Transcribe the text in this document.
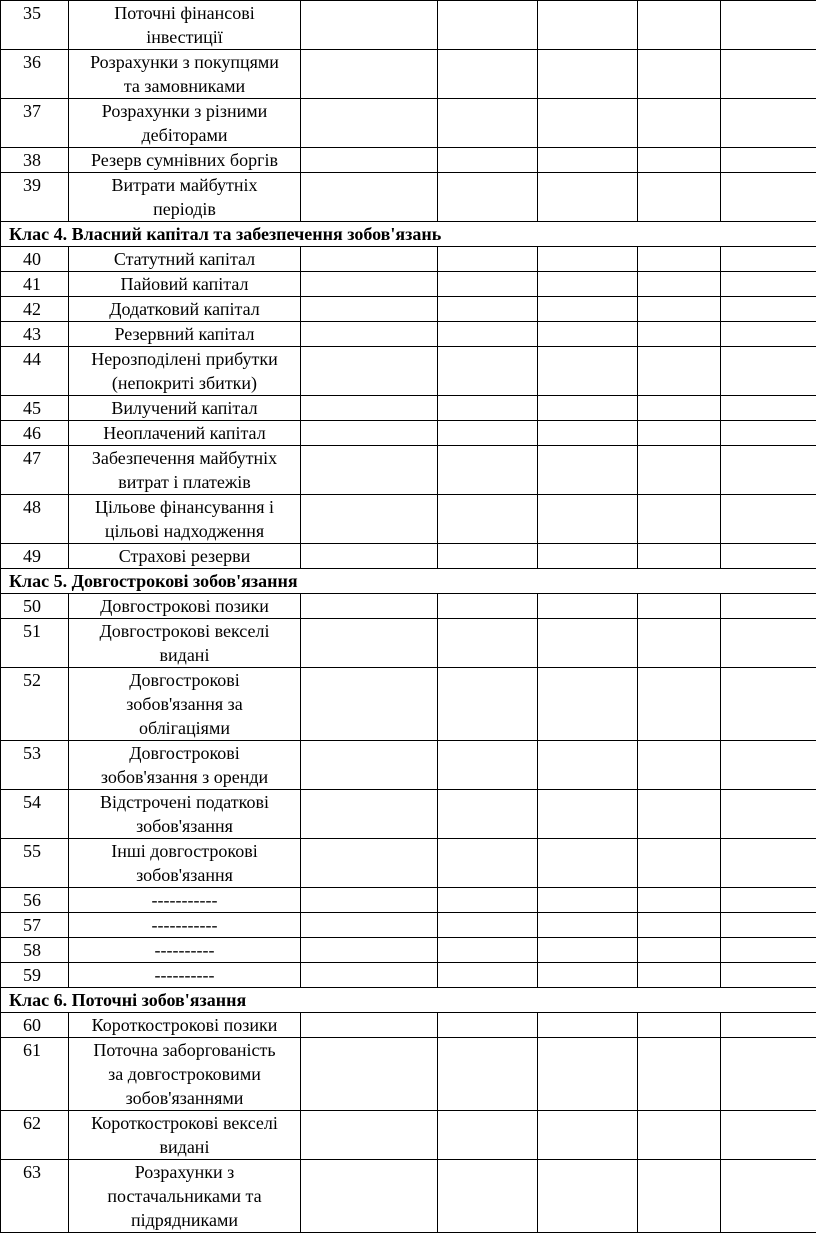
35	Поточні фінансові
інвестиції					
36	Розрахунки з покупцями
та замовниками					
37	Розрахунки з різними
дебіторами					
38	Резерв сумнівних боргів					
39	Витрати майбутніх
періодів					
Клас 4. Власний капітал та забезпечення зобов'язань						
40	Статутний капітал					
41	Пайовий капітал					
42	Додатковий капітал					
43	Резервний капітал					
44	Нерозподілені прибутки
(непокриті збитки)					
45	Вилучений капітал					
46	Неоплачений капітал					
47	Забезпечення майбутніх
витрат і платежів					
48	Цільове фінансування і
цільові надходження					
49	Страхові резерви					
Клас 5. Довгострокові зобов'язання						
50	Довгострокові позики					
51	Довгострокові векселі
видані					
52	Довгострокові
зобов'язання за
облігаціями					
53	Довгострокові
зобов'язання з оренди					
54	Відстрочені податкові
зобов'язання					
55	Інші довгострокові
зобов'язання					
56	-----------					
57	-----------					
58	----------					
59	----------					
Клас 6. Поточні зобов'язання						
60	Короткострокові позики					
61	Поточна заборгованість
за довгостроковими
зобов'язаннями					
62	Короткострокові векселі
видані					
63	Розрахунки з
постачальниками та
підрядниками					
